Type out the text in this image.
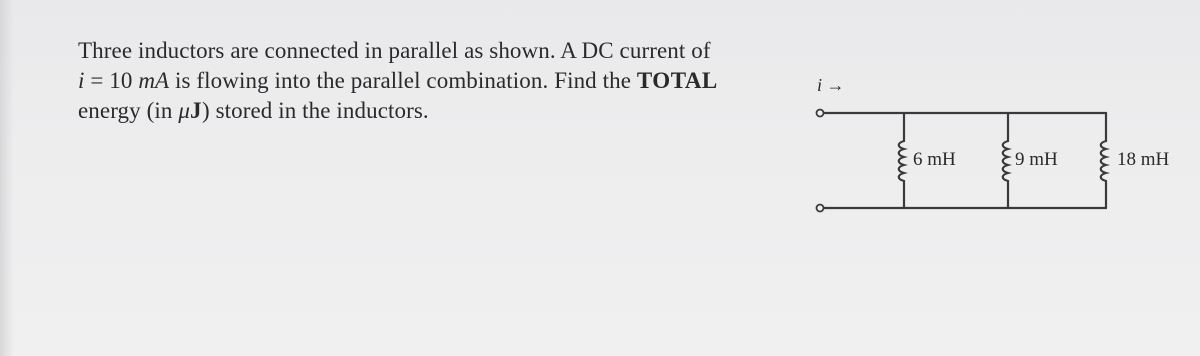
Three inductors are connected in parallel as shown. A DC current of
i = 10 mA is flowing into the parallel combination. Find the TOTAL
energy (in μJ) stored in the inductors.
i →
6 mH	9 mH	18 mH
